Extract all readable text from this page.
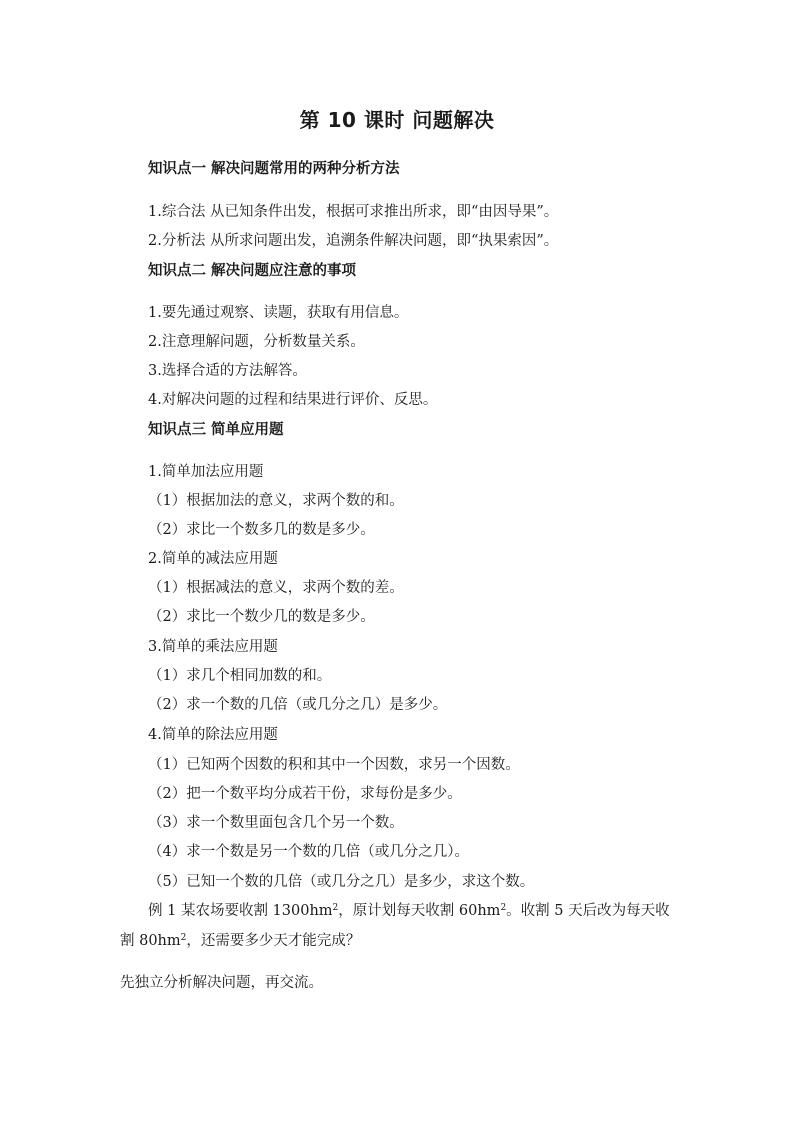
第 10 课时 问题解决
知识点一 解决问题常用的两种分析方法
1.综合法 从已知条件出发，根据可求推出所求，即“由因导果”。
2.分析法 从所求问题出发，追溯条件解决问题，即“执果索因”。
知识点二 解决问题应注意的事项
1.要先通过观察、读题，获取有用信息。
2.注意理解问题，分析数量关系。
3.选择合适的方法解答。
4.对解决问题的过程和结果进行评价、反思。
知识点三 简单应用题
1.简单加法应用题
（1）根据加法的意义，求两个数的和。
（2）求比一个数多几的数是多少。
2.简单的减法应用题
（1）根据减法的意义，求两个数的差。
（2）求比一个数少几的数是多少。
3.简单的乘法应用题
（1）求几个相同加数的和。
（2）求一个数的几倍（或几分之几）是多少。
4.简单的除法应用题
（1）已知两个因数的积和其中一个因数，求另一个因数。
（2）把一个数平均分成若干份，求每份是多少。
（3）求一个数里面包含几个另一个数。
（4）求一个数是另一个数的几倍（或几分之几）。
（5）已知一个数的几倍（或几分之几）是多少，求这个数。
例 1 某农场要收割 $1300hm^2$，原计划每天收割 $60hm^2$。收割 5 天后改为每天收
割 $80hm^2$，还需要多少天才能完成？
先独立分析解决问题，再交流。
